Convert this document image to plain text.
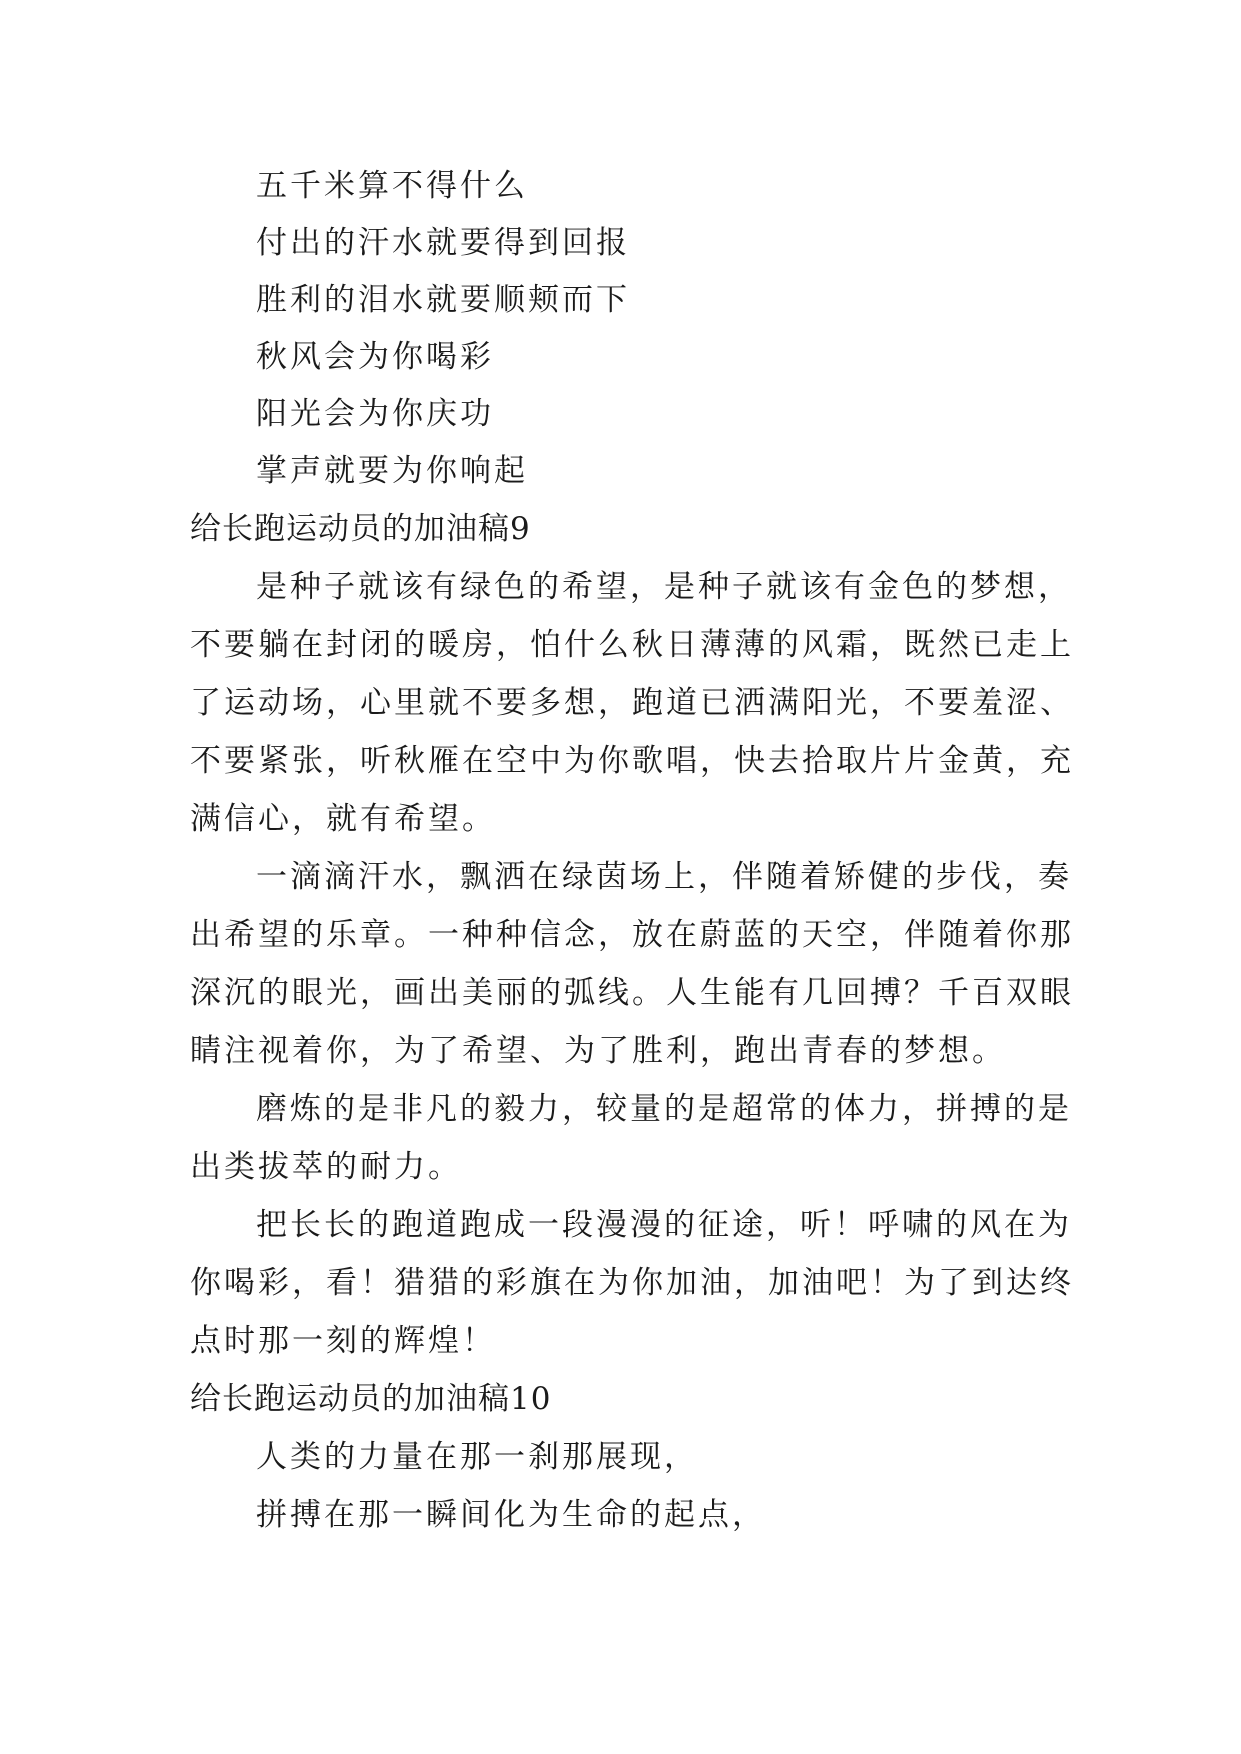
五千米算不得什么
付出的汗水就要得到回报
胜利的泪水就要顺颊而下
秋风会为你喝彩
阳光会为你庆功
掌声就要为你响起
给长跑运动员的加油稿9
是种子就该有绿色的希望，是种子就该有金色的梦想，
不要躺在封闭的暖房，怕什么秋日薄薄的风霜，既然已走上
了运动场，心里就不要多想，跑道已洒满阳光，不要羞涩、
不要紧张，听秋雁在空中为你歌唱，快去拾取片片金黄，充
满信心，就有希望。
一滴滴汗水，飘洒在绿茵场上，伴随着矫健的步伐，奏
出希望的乐章。一种种信念，放在蔚蓝的天空，伴随着你那
深沉的眼光，画出美丽的弧线。人生能有几回搏？千百双眼
睛注视着你，为了希望、为了胜利，跑出青春的梦想。
磨炼的是非凡的毅力，较量的是超常的体力，拼搏的是
出类拔萃的耐力。
把长长的跑道跑成一段漫漫的征途，听！呼啸的风在为
你喝彩，看！猎猎的彩旗在为你加油，加油吧！为了到达终
点时那一刻的辉煌！
给长跑运动员的加油稿10
人类的力量在那一刹那展现，
拼搏在那一瞬间化为生命的起点，
